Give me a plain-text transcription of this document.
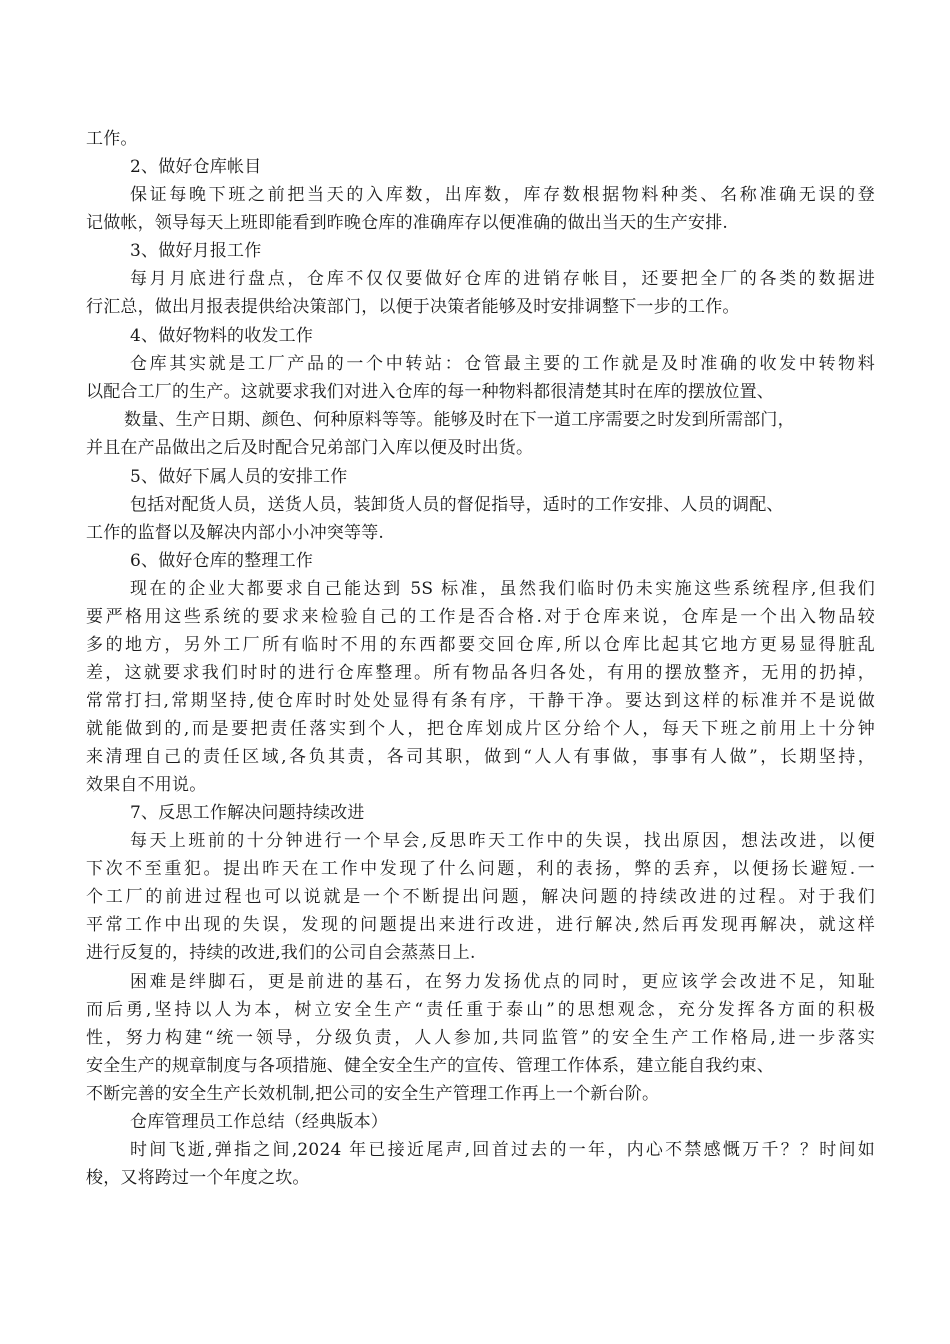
工作。
2、做好仓库帐目
保证每晚下班之前把当天的入库数，出库数，库存数根据物料种类、名称准确无误的登
记做帐，领导每天上班即能看到昨晚仓库的准确库存以便准确的做出当天的生产安排.
3、做好月报工作
每月月底进行盘点，仓库不仅仅要做好仓库的进销存帐目，还要把全厂的各类的数据进
行汇总，做出月报表提供给决策部门，以便于决策者能够及时安排调整下一步的工作。
4、做好物料的收发工作
仓库其实就是工厂产品的一个中转站：仓管最主要的工作就是及时准确的收发中转物料
以配合工厂的生产。这就要求我们对进入仓库的每一种物料都很清楚其时在库的摆放位置、
数量、生产日期、颜色、何种原料等等。能够及时在下一道工序需要之时发到所需部门，
并且在产品做出之后及时配合兄弟部门入库以便及时出货。
5、做好下属人员的安排工作
包括对配货人员，送货人员，装卸货人员的督促指导，适时的工作安排、人员的调配、
工作的监督以及解决内部小小冲突等等.
6、做好仓库的整理工作
现在的企业大都要求自己能达到 5S 标准，虽然我们临时仍未实施这些系统程序,但我们
要严格用这些系统的要求来检验自己的工作是否合格.对于仓库来说，仓库是一个出入物品较
多的地方，另外工厂所有临时不用的东西都要交回仓库,所以仓库比起其它地方更易显得脏乱
差，这就要求我们时时的进行仓库整理。所有物品各归各处，有用的摆放整齐，无用的扔掉，
常常打扫,常期坚持,使仓库时时处处显得有条有序，干静干净。要达到这样的标准并不是说做
就能做到的,而是要把责任落实到个人，把仓库划成片区分给个人，每天下班之前用上十分钟
来清理自己的责任区域,各负其责，各司其职，做到“人人有事做，事事有人做”，长期坚持，
效果自不用说。
7、反思工作解决问题持续改进
每天上班前的十分钟进行一个早会,反思昨天工作中的失误，找出原因，想法改进，以便
下次不至重犯。提出昨天在工作中发现了什么问题，利的表扬，弊的丢弃，以便扬长避短.一
个工厂的前进过程也可以说就是一个不断提出问题，解决问题的持续改进的过程。对于我们
平常工作中出现的失误，发现的问题提出来进行改进，进行解决,然后再发现再解决，就这样
进行反复的，持续的改进,我们的公司自会蒸蒸日上.
困难是绊脚石，更是前进的基石，在努力发扬优点的同时，更应该学会改进不足，知耻
而后勇,坚持以人为本，树立安全生产“责任重于泰山”的思想观念，充分发挥各方面的积极
性，努力构建“统一领导，分级负责，人人参加,共同监管”的安全生产工作格局,进一步落实
安全生产的规章制度与各项措施、健全安全生产的宣传、管理工作体系，建立能自我约束、
不断完善的安全生产长效机制,把公司的安全生产管理工作再上一个新台阶。
仓库管理员工作总结（经典版本）
时间飞逝,弹指之间,2024 年已接近尾声,回首过去的一年，内心不禁感慨万千？？时间如
梭，又将跨过一个年度之坎。
